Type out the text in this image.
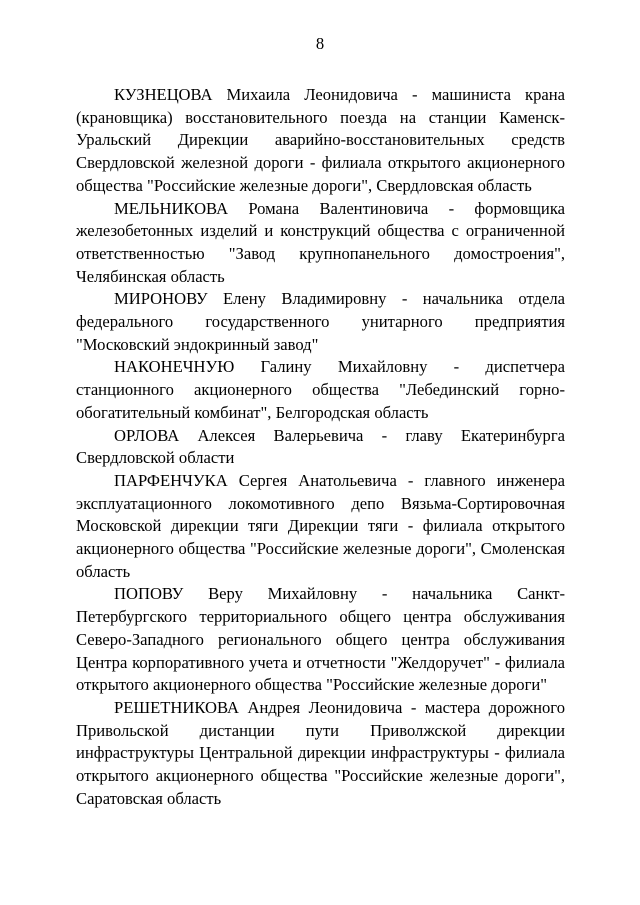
8

КУЗНЕЦОВА Михаила Леонидовича - машиниста крана (крановщика) восстановительного поезда на станции Каменск-Уральский Дирекции аварийно-восстановительных средств Свердловской железной дороги - филиала открытого акционерного общества "Российские железные дороги", Свердловская область

МЕЛЬНИКОВА Романа Валентиновича - формовщика железобетонных изделий и конструкций общества с ограниченной ответственностью "Завод крупнопанельного домостроения", Челябинская область

МИРОНОВУ Елену Владимировну - начальника отдела федерального государственного унитарного предприятия "Московский эндокринный завод"

НАКОНЕЧНУЮ Галину Михайловну - диспетчера станционного акционерного общества "Лебединский горно-обогатительный комбинат", Белгородская область

ОРЛОВА Алексея Валерьевича - главу Екатеринбурга Свердловской области

ПАРФЕНЧУКА Сергея Анатольевича - главного инженера эксплуатационного локомотивного депо Вязьма-Сортировочная Московской дирекции тяги Дирекции тяги - филиала открытого акционерного общества "Российские железные дороги", Смоленская область

ПОПОВУ Веру Михайловну - начальника Санкт-Петербургского территориального общего центра обслуживания Северо-Западного регионального общего центра обслуживания Центра корпоративного учета и отчетности "Желдоручет" - филиала открытого акционерного общества "Российские железные дороги"

РЕШЕТНИКОВА Андрея Леонидовича - мастера дорожного Привольской дистанции пути Приволжской дирекции инфраструктуры Центральной дирекции инфраструктуры - филиала открытого акционерного общества "Российские железные дороги", Саратовская область
